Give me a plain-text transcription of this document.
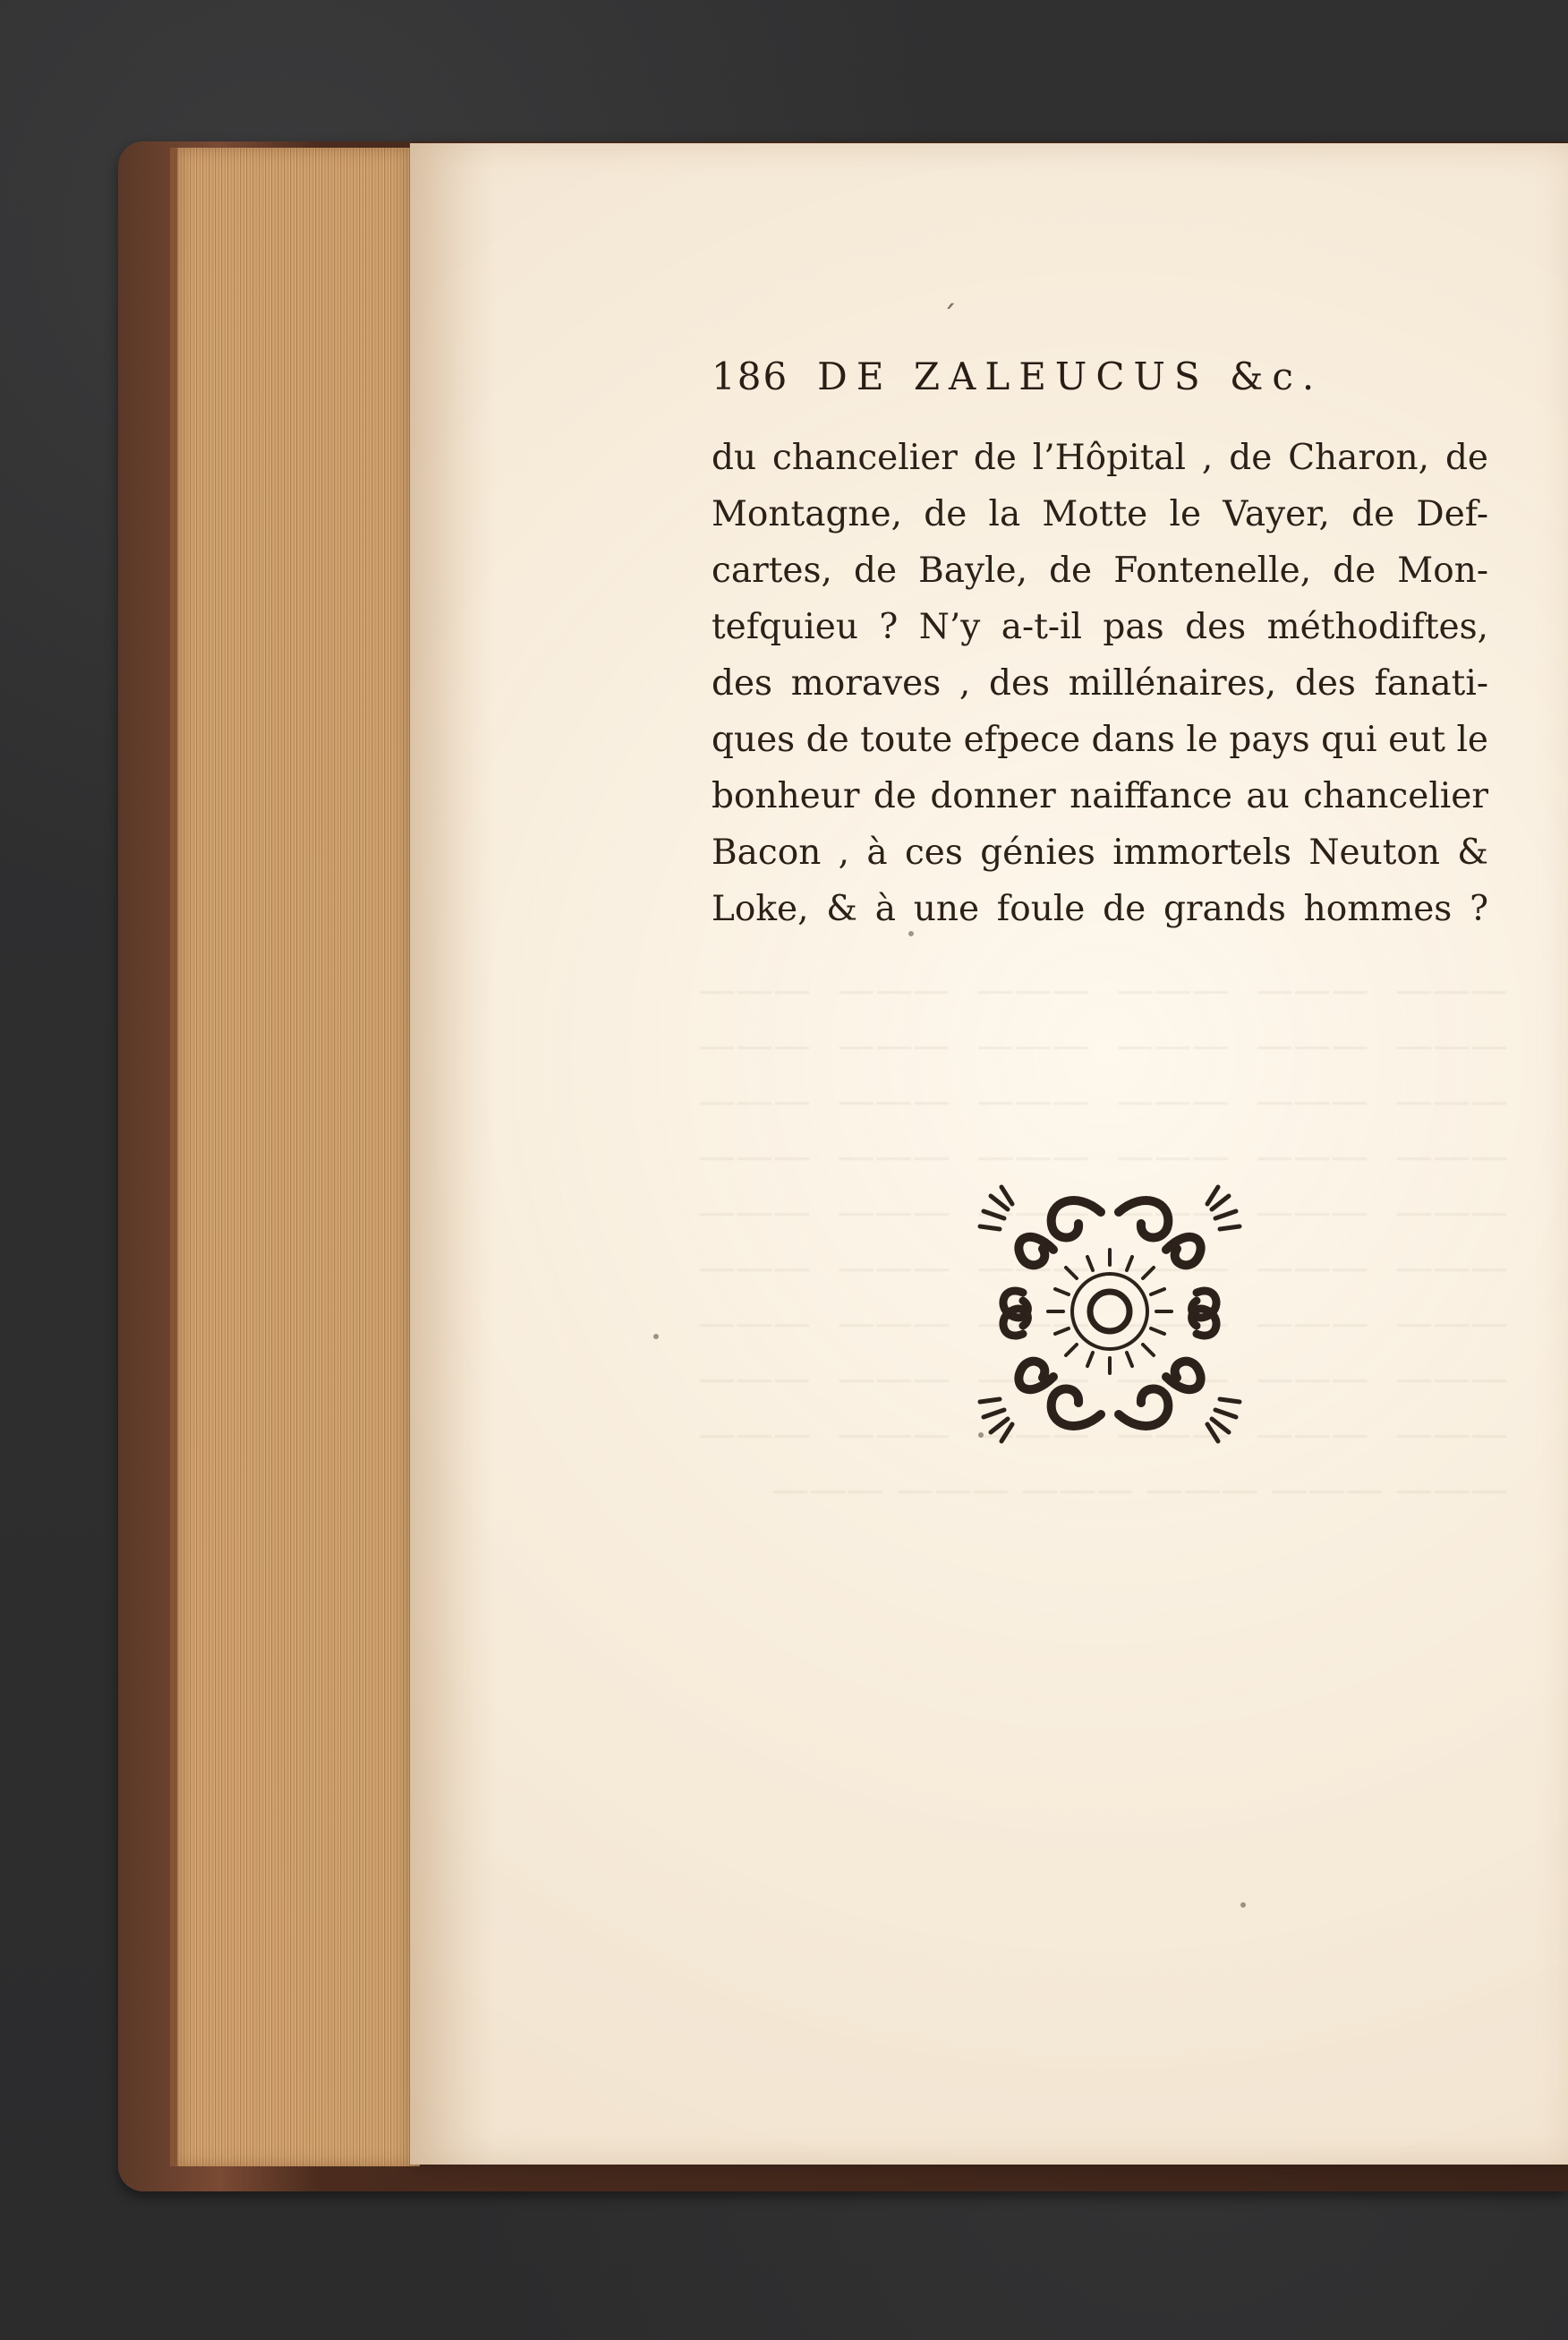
186 DE ZALEUCUS &c.
du chancelier de l’Hôpital , de Charon, de
Montagne, de la Motte le Vayer, de Def-
cartes, de Bayle, de Fontenelle, de Mon-
tefquieu ? N’y a-t-il pas des méthodiftes,
des moraves , des millénaires, des fanati-
ques de toute efpece dans le pays qui eut le
bonheur de donner naiffance au chancelier
Bacon , à ces génies immortels Neuton &
Loke, & à une foule de grands hommes ?
ˊ
